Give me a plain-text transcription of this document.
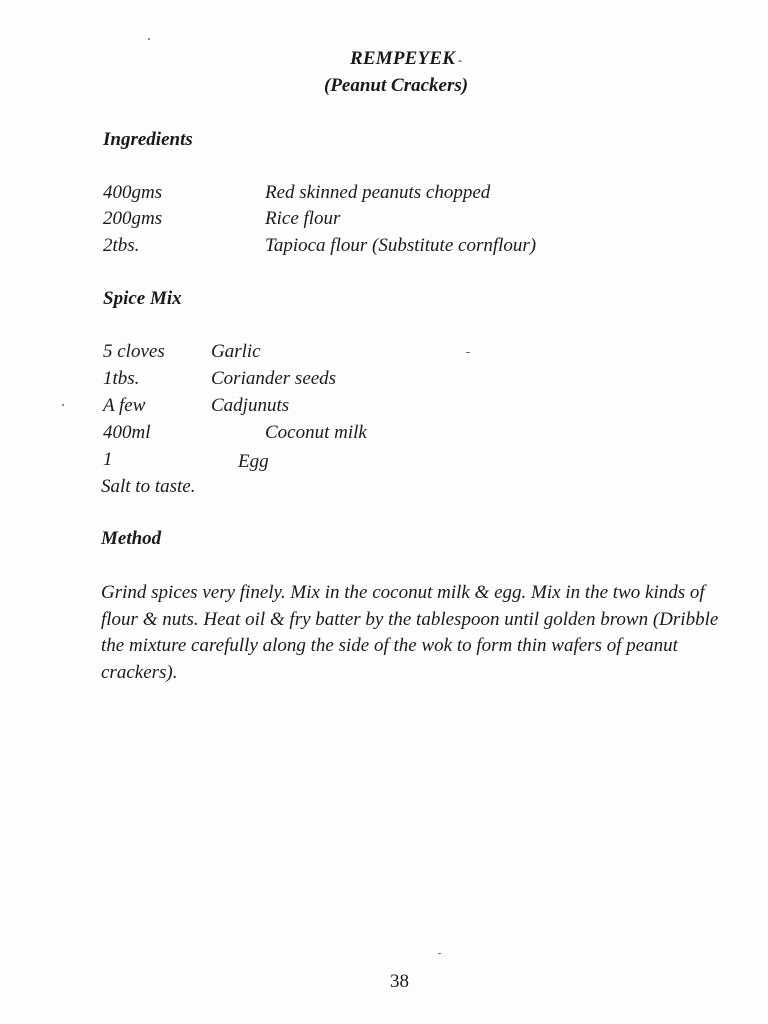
REMPEYEK -
(Peanut Crackers)
Ingredients
400gms	Red skinned peanuts chopped
200gms	Rice flour
2tbs.	Tapioca flour (Substitute cornflour)
Spice Mix
5 cloves Garlic
1tbs.	Coriander seeds
A few	Cadjunuts
400ml	Coconut milk
1	Egg
Salt to taste.
Method
Grind spices very finely. Mix in the coconut milk & egg. Mix in the two kinds of flour & nuts. Heat oil & fry batter by the tablespoon until golden brown (Dribble the mixture carefully along the side of the wok to form thin wafers of peanut crackers).
38
